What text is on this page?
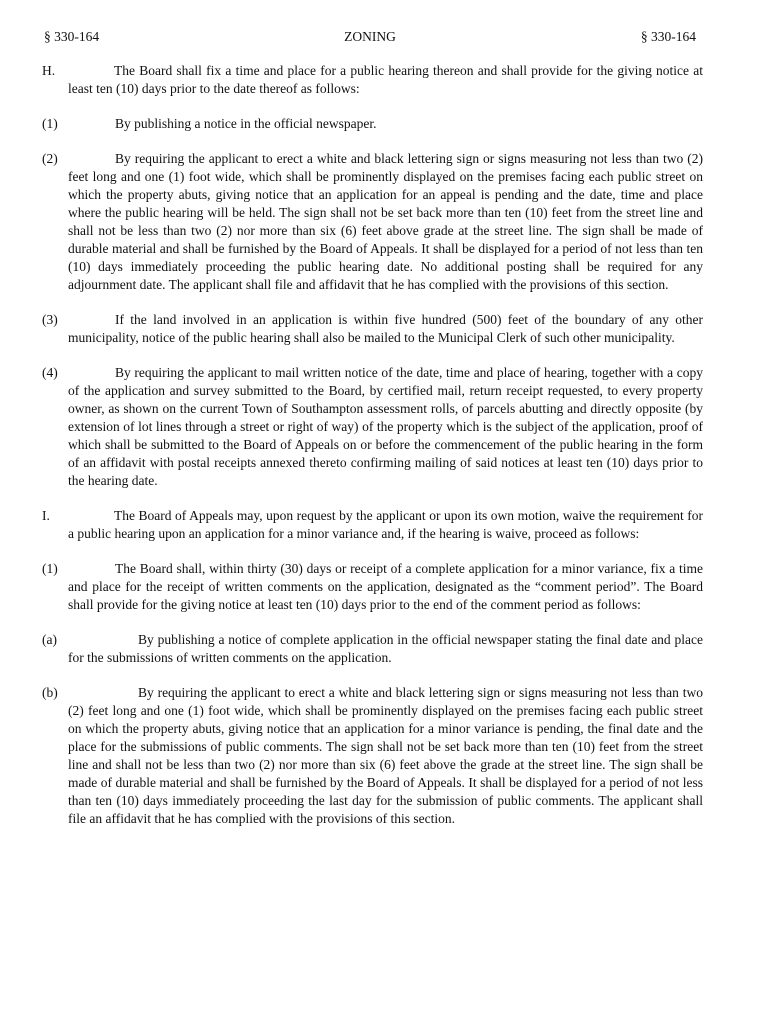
§ 330-164	ZONING	§ 330-164

H.	The Board shall fix a time and place for a public hearing thereon and shall provide for the giving notice at least ten (10) days prior to the date thereof as follows:

(1)	By publishing a notice in the official newspaper.

(2)	By requiring the applicant to erect a white and black lettering sign or signs measuring not less than two (2) feet long and one (1) foot wide, which shall be prominently displayed on the premises facing each public street on which the property abuts, giving notice that an application for an appeal is pending and the date, time and place where the public hearing will be held. The sign shall not be set back more than ten (10) feet from the street line and shall not be less than two (2) nor more than six (6) feet above grade at the street line. The sign shall be made of durable material and shall be furnished by the Board of Appeals. It shall be displayed for a period of not less than ten (10) days immediately proceeding the public hearing date. No additional posting shall be required for any adjournment date. The applicant shall file and affidavit that he has complied with the provisions of this section.

(3)	If the land involved in an application is within five hundred (500) feet of the boundary of any other municipality, notice of the public hearing shall also be mailed to the Municipal Clerk of such other municipality.

(4)	By requiring the applicant to mail written notice of the date, time and place of hearing, together with a copy of the application and survey submitted to the Board, by certified mail, return receipt requested, to every property owner, as shown on the current Town of Southampton assessment rolls, of parcels abutting and directly opposite (by extension of lot lines through a street or right of way) of the property which is the subject of the application, proof of which shall be submitted to the Board of Appeals on or before the commencement of the public hearing in the form of an affidavit with postal receipts annexed thereto confirming mailing of said notices at least ten (10) days prior to the hearing date.

I.	The Board of Appeals may, upon request by the applicant or upon its own motion, waive the requirement for a public hearing upon an application for a minor variance and, if the hearing is waive, proceed as follows:

(1)	The Board shall, within thirty (30) days or receipt of a complete application for a minor variance, fix a time and place for the receipt of written comments on the application, designated as the “comment period”. The Board shall provide for the giving notice at least ten (10) days prior to the end of the comment period as follows:

(a)	By publishing a notice of complete application in the official newspaper stating the final date and place for the submissions of written comments on the application.

(b)	By requiring the applicant to erect a white and black lettering sign or signs measuring not less than two (2) feet long and one (1) foot wide, which shall be prominently displayed on the premises facing each public street on which the property abuts, giving notice that an application for a minor variance is pending, the final date and the place for the submissions of public comments. The sign shall not be set back more than ten (10) feet from the street line and shall not be less than two (2) nor more than six (6) feet above the grade at the street line. The sign shall be made of durable material and shall be furnished by the Board of Appeals. It shall be displayed for a period of not less than ten (10) days immediately proceeding the last day for the submission of public comments. The applicant shall file an affidavit that he has complied with the provisions of this section.
